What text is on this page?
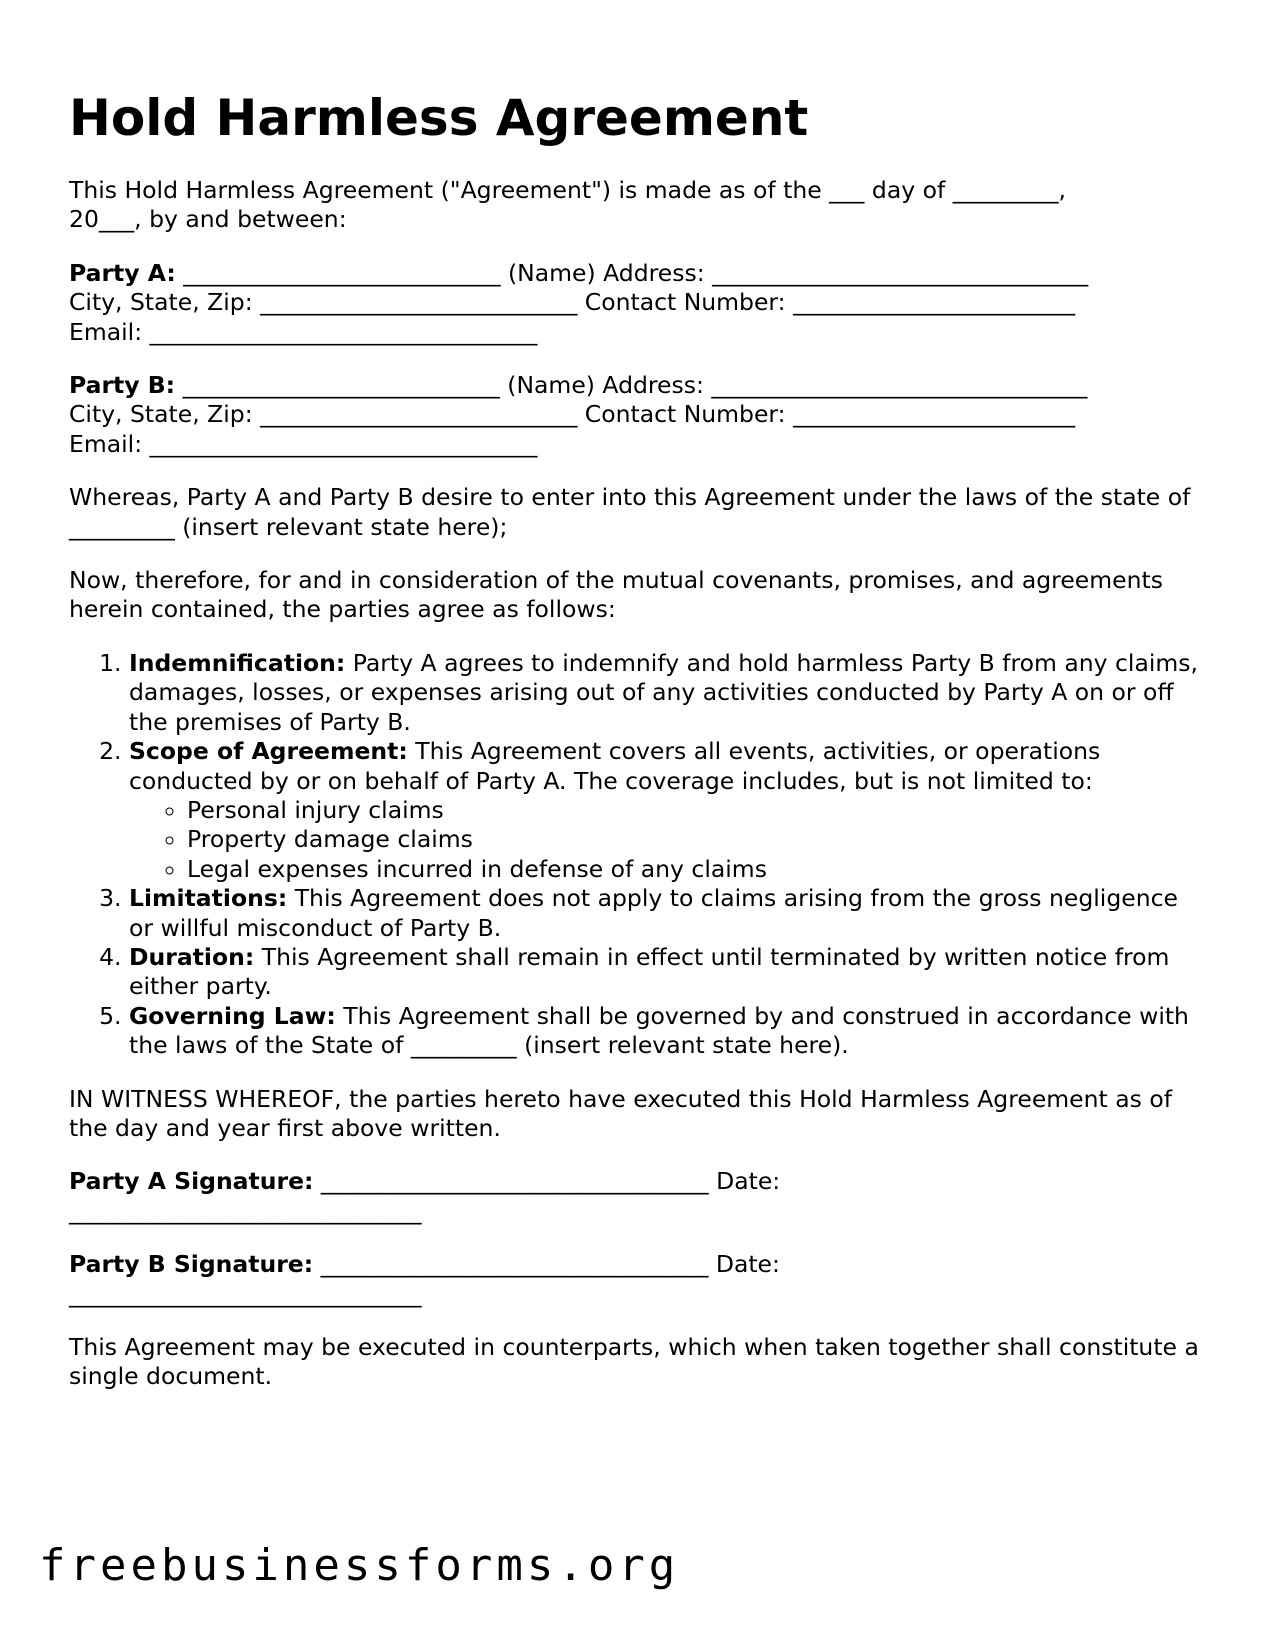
Hold Harmless Agreement
This Hold Harmless Agreement ("Agreement") is made as of the ___ day of _________,
20___, by and between:
Party A: ___________________________ (Name) Address: ________________________________
City, State, Zip: ___________________________ Contact Number: ________________________
Email: _________________________________
Party B: ___________________________ (Name) Address: ________________________________
City, State, Zip: ___________________________ Contact Number: ________________________
Email: _________________________________

Whereas, Party A and Party B desire to enter into this Agreement under the laws of the state of _________ (insert relevant state here);

Now, therefore, for and in consideration of the mutual covenants, promises, and agreements herein contained, the parties agree as follows:

1. Indemnification: Party A agrees to indemnify and hold harmless Party B from any claims, damages, losses, or expenses arising out of any activities conducted by Party A on or off the premises of Party B.
2. Scope of Agreement: This Agreement covers all events, activities, or operations conducted by or on behalf of Party A. The coverage includes, but is not limited to:
◦ Personal injury claims
◦ Property damage claims
◦ Legal expenses incurred in defense of any claims
3. Limitations: This Agreement does not apply to claims arising from the gross negligence or willful misconduct of Party B.
4. Duration: This Agreement shall remain in effect until terminated by written notice from either party.
5. Governing Law: This Agreement shall be governed by and construed in accordance with the laws of the State of _________ (insert relevant state here).

IN WITNESS WHEREOF, the parties hereto have executed this Hold Harmless Agreement as of the day and year first above written.

Party A Signature: _________________________________ Date:
______________________________
Party B Signature: _________________________________ Date:
______________________________

This Agreement may be executed in counterparts, which when taken together shall constitute a single document.

freebusinessforms.org
